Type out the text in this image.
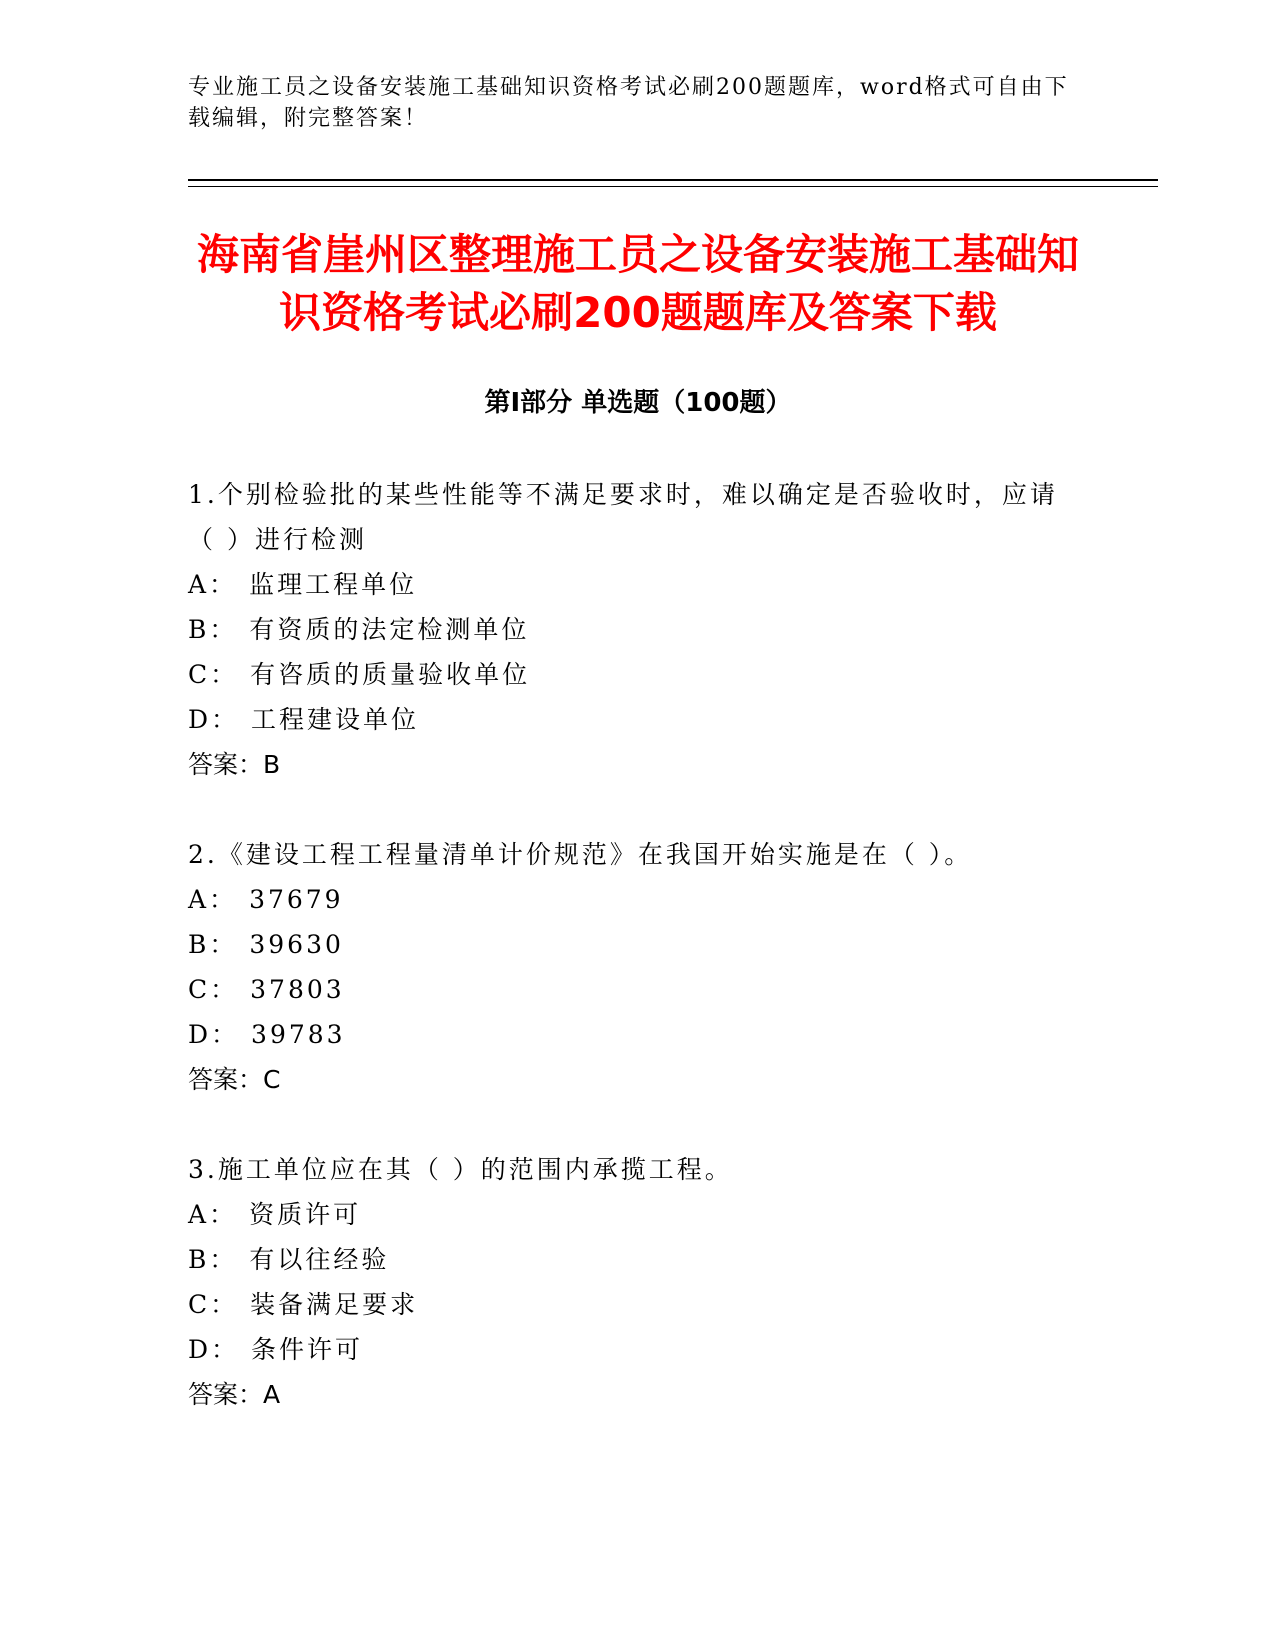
专业施工员之设备安装施工基础知识资格考试必刷200题题库，word格式可自由下载编辑，附完整答案！
海南省崖州区整理施工员之设备安装施工基础知识资格考试必刷200题题库及答案下载
第Ⅰ部分 单选题（100题）

1.个别检验批的某些性能等不满足要求时，难以确定是否验收时，应请（ ）进行检测

A： 监理工程单位

B： 有资质的法定检测单位

C： 有咨质的质量验收单位

D： 工程建设单位

答案：B

2.《建设工程工程量清单计价规范》在我国开始实施是在（ ）。

A： 37679

B： 39630

C： 37803

D： 39783

答案：C

3.施工单位应在其（ ）的范围内承揽工程。

A： 资质许可

B： 有以往经验

C： 装备满足要求

D： 条件许可

答案：A
